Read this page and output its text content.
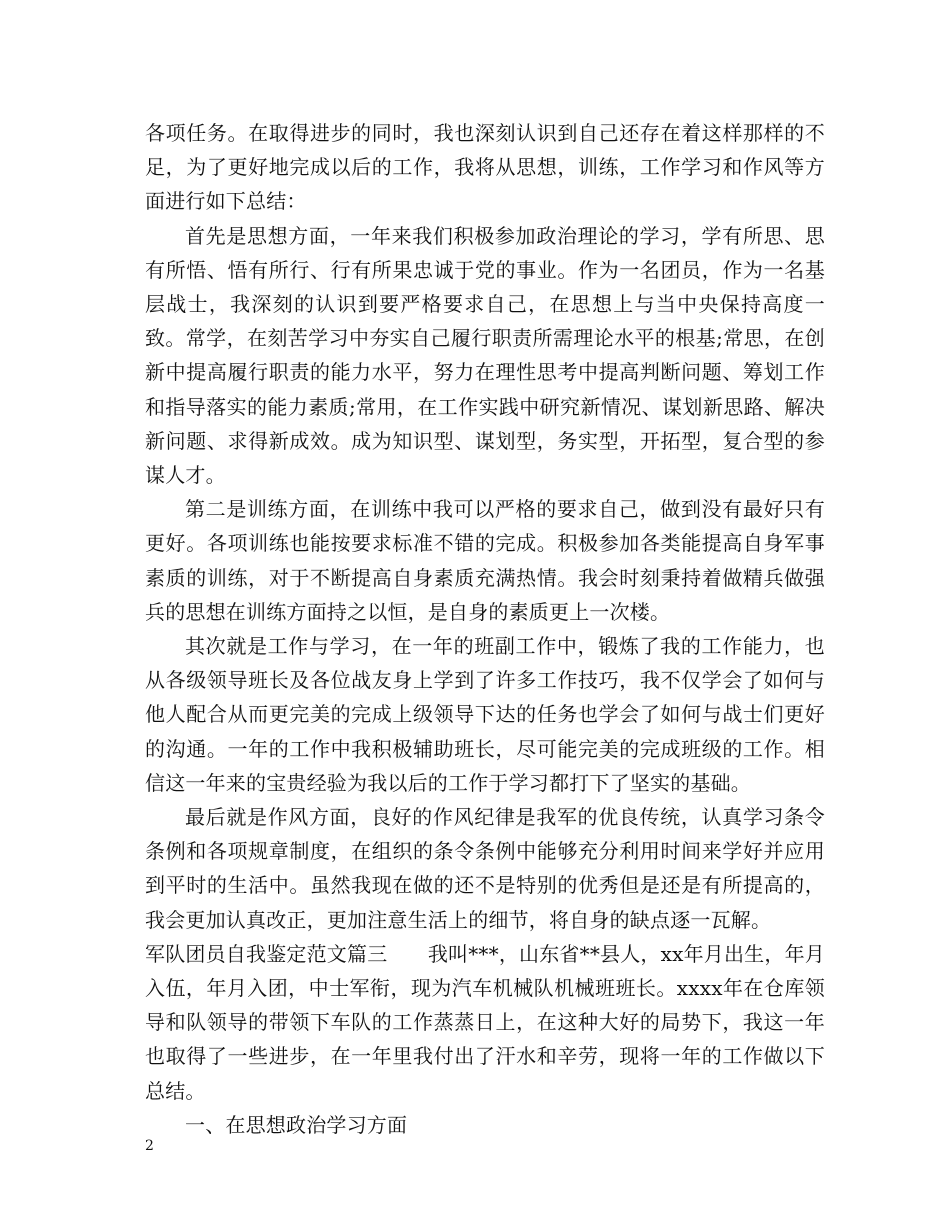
各项任务。在取得进步的同时，我也深刻认识到自己还存在着这样那样的不足，为了更好地完成以后的工作，我将从思想，训练，工作学习和作风等方面进行如下总结：

首先是思想方面，一年来我们积极参加政治理论的学习，学有所思、思有所悟、悟有所行、行有所果忠诚于党的事业。作为一名团员，作为一名基层战士，我深刻的认识到要严格要求自己，在思想上与当中央保持高度一致。常学，在刻苦学习中夯实自己履行职责所需理论水平的根基;常思，在创新中提高履行职责的能力水平，努力在理性思考中提高判断问题、筹划工作和指导落实的能力素质;常用，在工作实践中研究新情况、谋划新思路、解决新问题、求得新成效。成为知识型、谋划型，务实型，开拓型，复合型的参谋人才。

第二是训练方面，在训练中我可以严格的要求自己，做到没有最好只有更好。各项训练也能按要求标准不错的完成。积极参加各类能提高自身军事素质的训练，对于不断提高自身素质充满热情。我会时刻秉持着做精兵做强兵的思想在训练方面持之以恒，是自身的素质更上一次楼。

其次就是工作与学习，在一年的班副工作中，锻炼了我的工作能力，也从各级领导班长及各位战友身上学到了许多工作技巧，我不仅学会了如何与他人配合从而更完美的完成上级领导下达的任务也学会了如何与战士们更好的沟通。一年的工作中我积极辅助班长，尽可能完美的完成班级的工作。相信这一年来的宝贵经验为我以后的工作于学习都打下了坚实的基础。

最后就是作风方面，良好的作风纪律是我军的优良传统，认真学习条令条例和各项规章制度，在组织的条令条例中能够充分利用时间来学好并应用到平时的生活中。虽然我现在做的还不是特别的优秀但是还是有所提高的，我会更加认真改正，更加注意生活上的细节，将自身的缺点逐一瓦解。

军队团员自我鉴定范文篇三　　我叫***，山东省**县人，xx年月出生，年月入伍，年月入团，中士军衔，现为汽车机械队机械班班长。xxxx年在仓库领导和队领导的带领下车队的工作蒸蒸日上，在这种大好的局势下，我这一年也取得了一些进步，在一年里我付出了汗水和辛劳，现将一年的工作做以下总结。

一、在思想政治学习方面

2
